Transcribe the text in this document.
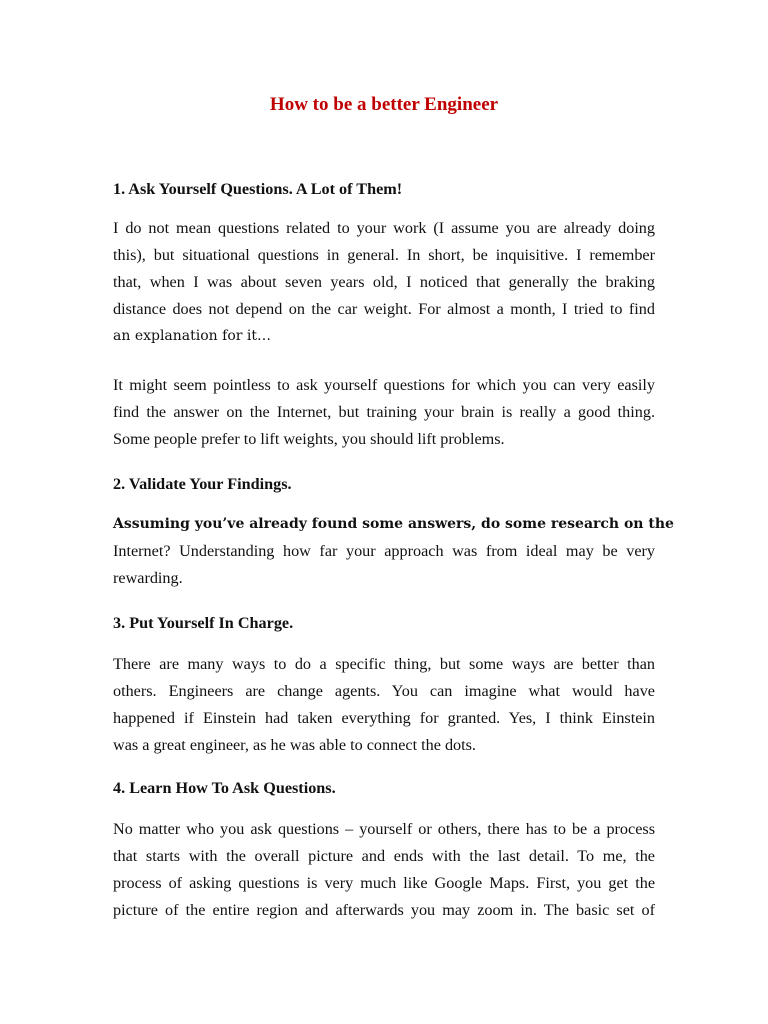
How to be a better Engineer
1. Ask Yourself Questions. A Lot of Them!
I do not mean questions related to your work (I assume you are already doing
this), but situational questions in general. In short, be inquisitive. I remember
that, when I was about seven years old, I noticed that generally the braking
distance does not depend on the car weight. For almost a month, I tried to find
an explanation for it…
It might seem pointless to ask yourself questions for which you can very easily
find the answer on the Internet, but training your brain is really a good thing.
Some people prefer to lift weights, you should lift problems.
2. Validate Your Findings.
Assuming you’ve already found some answers, do some research on the
Internet? Understanding how far your approach was from ideal may be very
rewarding.
3. Put Yourself In Charge.
There are many ways to do a specific thing, but some ways are better than
others. Engineers are change agents. You can imagine what would have
happened if Einstein had taken everything for granted. Yes, I think Einstein
was a great engineer, as he was able to connect the dots.
4. Learn How To Ask Questions.
No matter who you ask questions – yourself or others, there has to be a process
that starts with the overall picture and ends with the last detail. To me, the
process of asking questions is very much like Google Maps. First, you get the
picture of the entire region and afterwards you may zoom in. The basic set of
